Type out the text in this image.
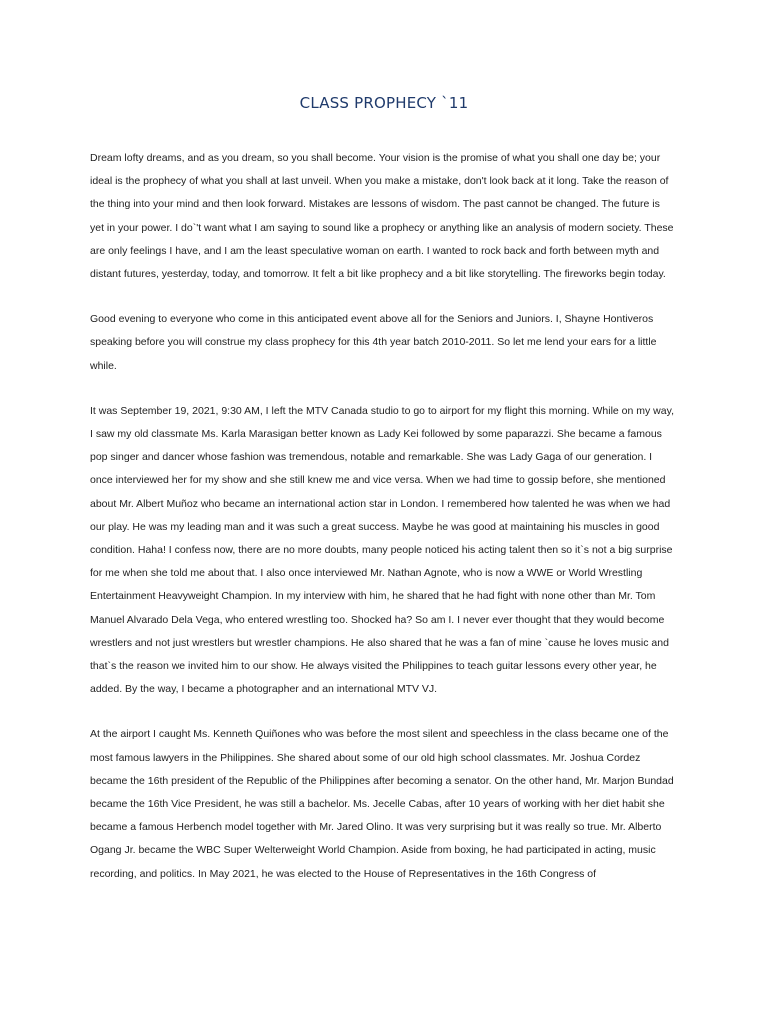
CLASS PROPHECY `11

Dream lofty dreams, and as you dream, so you shall become. Your vision is the promise of what you shall one day be; your ideal is the prophecy of what you shall at last unveil. When you make a mistake, don't look back at it long. Take the reason of the thing into your mind and then look forward. Mistakes are lessons of wisdom. The past cannot be changed. The future is yet in your power. I do`'t want what I am saying to sound like a prophecy or anything like an analysis of modern society. These are only feelings I have, and I am the least speculative woman on earth. I wanted to rock back and forth between myth and distant futures, yesterday, today, and tomorrow. It felt a bit like prophecy and a bit like storytelling. The fireworks begin today.

Good evening to everyone who come in this anticipated event above all for the Seniors and Juniors. I, Shayne Hontiveros speaking before you will construe my class prophecy for this 4th year batch 2010-2011. So let me lend your ears for a little while.

It was September 19, 2021, 9:30 AM, I left the MTV Canada studio to go to airport for my flight this morning. While on my way, I saw my old classmate Ms. Karla Marasigan better known as Lady Kei followed by some paparazzi. She became a famous pop singer and dancer whose fashion was tremendous, notable and remarkable. She was Lady Gaga of our generation. I once interviewed her for my show and she still knew me and vice versa. When we had time to gossip before, she mentioned about Mr. Albert Muñoz who became an international action star in London. I remembered how talented he was when we had our play. He was my leading man and it was such a great success. Maybe he was good at maintaining his muscles in good condition. Haha! I confess now, there are no more doubts, many people noticed his acting talent then so it`s not a big surprise for me when she told me about that. I also once interviewed Mr. Nathan Agnote, who is now a WWE or World Wrestling Entertainment Heavyweight Champion. In my interview with him, he shared that he had fight with none other than Mr. Tom Manuel Alvarado Dela Vega, who entered wrestling too. Shocked ha? So am I. I never ever thought that they would become wrestlers and not just wrestlers but wrestler champions. He also shared that he was a fan of mine `cause he loves music and that`s the reason we invited him to our show. He always visited the Philippines to teach guitar lessons every other year, he added. By the way, I became a photographer and an international MTV VJ.

At the airport I caught Ms. Kenneth Quiñones who was before the most silent and speechless in the class became one of the most famous lawyers in the Philippines. She shared about some of our old high school classmates. Mr. Joshua Cordez became the 16th president of the Republic of the Philippines after becoming a senator. On the other hand, Mr. Marjon Bundad became the 16th Vice President, he was still a bachelor. Ms. Jecelle Cabas, after 10 years of working with her diet habit she became a famous Herbench model together with Mr. Jared Olino. It was very surprising but it was really so true. Mr. Alberto Ogang Jr. became the WBC Super Welterweight World Champion. Aside from boxing, he had participated in acting, music recording, and politics. In May 2021, he was elected to the House of Representatives in the 16th Congress of
